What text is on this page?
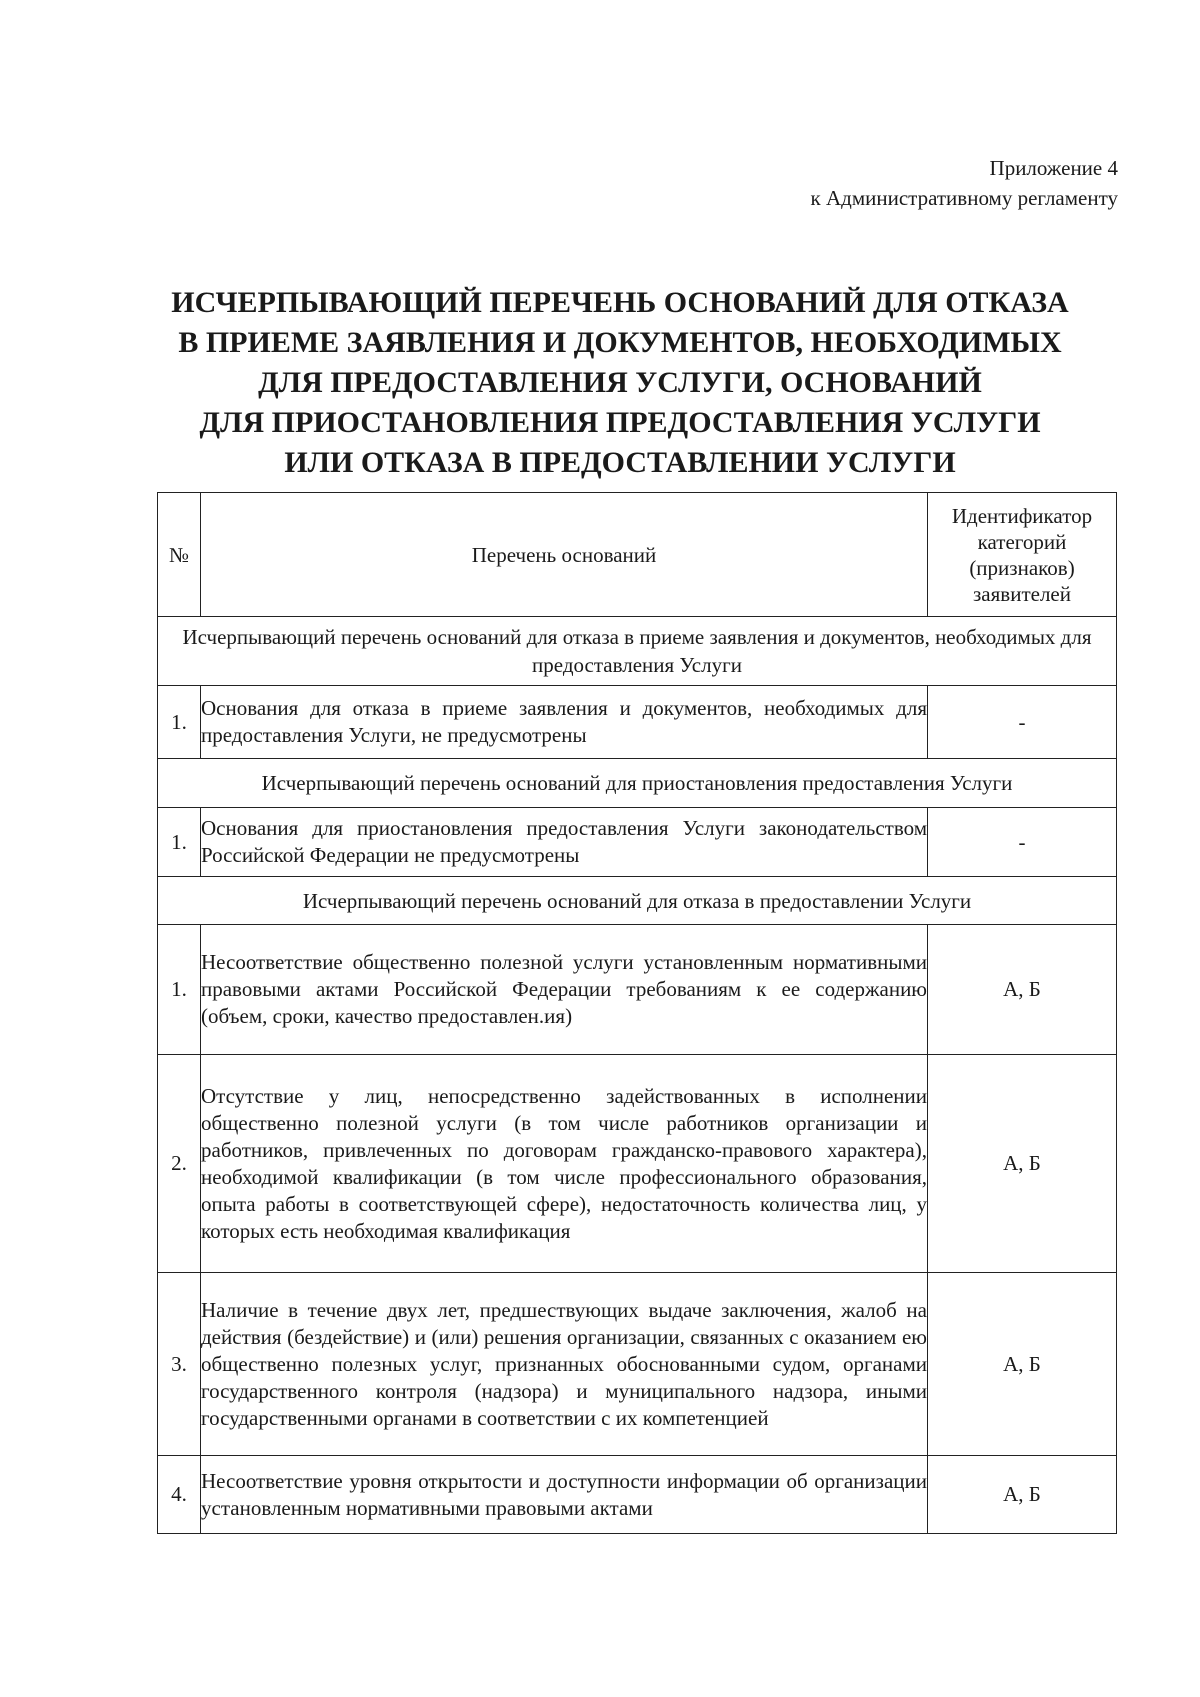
Приложение 4
к Административному регламенту
ИСЧЕРПЫВАЮЩИЙ ПЕРЕЧЕНЬ ОСНОВАНИЙ ДЛЯ ОТКАЗА
В ПРИЕМЕ ЗАЯВЛЕНИЯ И ДОКУМЕНТОВ, НЕОБХОДИМЫХ
ДЛЯ ПРЕДОСТАВЛЕНИЯ УСЛУГИ, ОСНОВАНИЙ
ДЛЯ ПРИОСТАНОВЛЕНИЯ ПРЕДОСТАВЛЕНИЯ УСЛУГИ
ИЛИ ОТКАЗА В ПРЕДОСТАВЛЕНИИ УСЛУГИ
№	Перечень оснований	Идентификатор категорий (признаков) заявителей
Исчерпывающий перечень оснований для отказа в приеме заявления и документов, необходимых для предоставления Услуги		
1.	Основания для отказа в приеме заявления и документов, необходимых для предоставления Услуги, не предусмотрены	-
Исчерпывающий перечень оснований для приостановления предоставления Услуги		
1.	Основания для приостановления предоставления Услуги законодательством Российской Федерации не предусмотрены	-
Исчерпывающий перечень оснований для отказа в предоставлении Услуги		
1.	Несоответствие общественно полезной услуги установленным нормативными правовыми актами Российской Федерации требованиям к ее содержанию (объем, сроки, качество предоставлен.ия)	А, Б
2.	Отсутствие у лиц, непосредственно задействованных в исполнении общественно полезной услуги (в том числе работников организации и работников, привлеченных по договорам гражданско-правового характера), необходимой квалификации (в том числе профессионального образования, опыта работы в соответствующей сфере), недостаточность количества лиц, у которых есть необходимая квалификация	А, Б
3.	Наличие в течение двух лет, предшествующих выдаче заключения, жалоб на действия (бездействие) и (или) решения организации, связанных с оказанием ею общественно полезных услуг, признанных обоснованными судом, органами государственного контроля (надзора) и муниципального надзора, иными государственными органами в соответствии с их компетенцией	А, Б
4.	Несоответствие уровня открытости и доступности информации об организации установленным нормативными правовыми актами	А, Б
